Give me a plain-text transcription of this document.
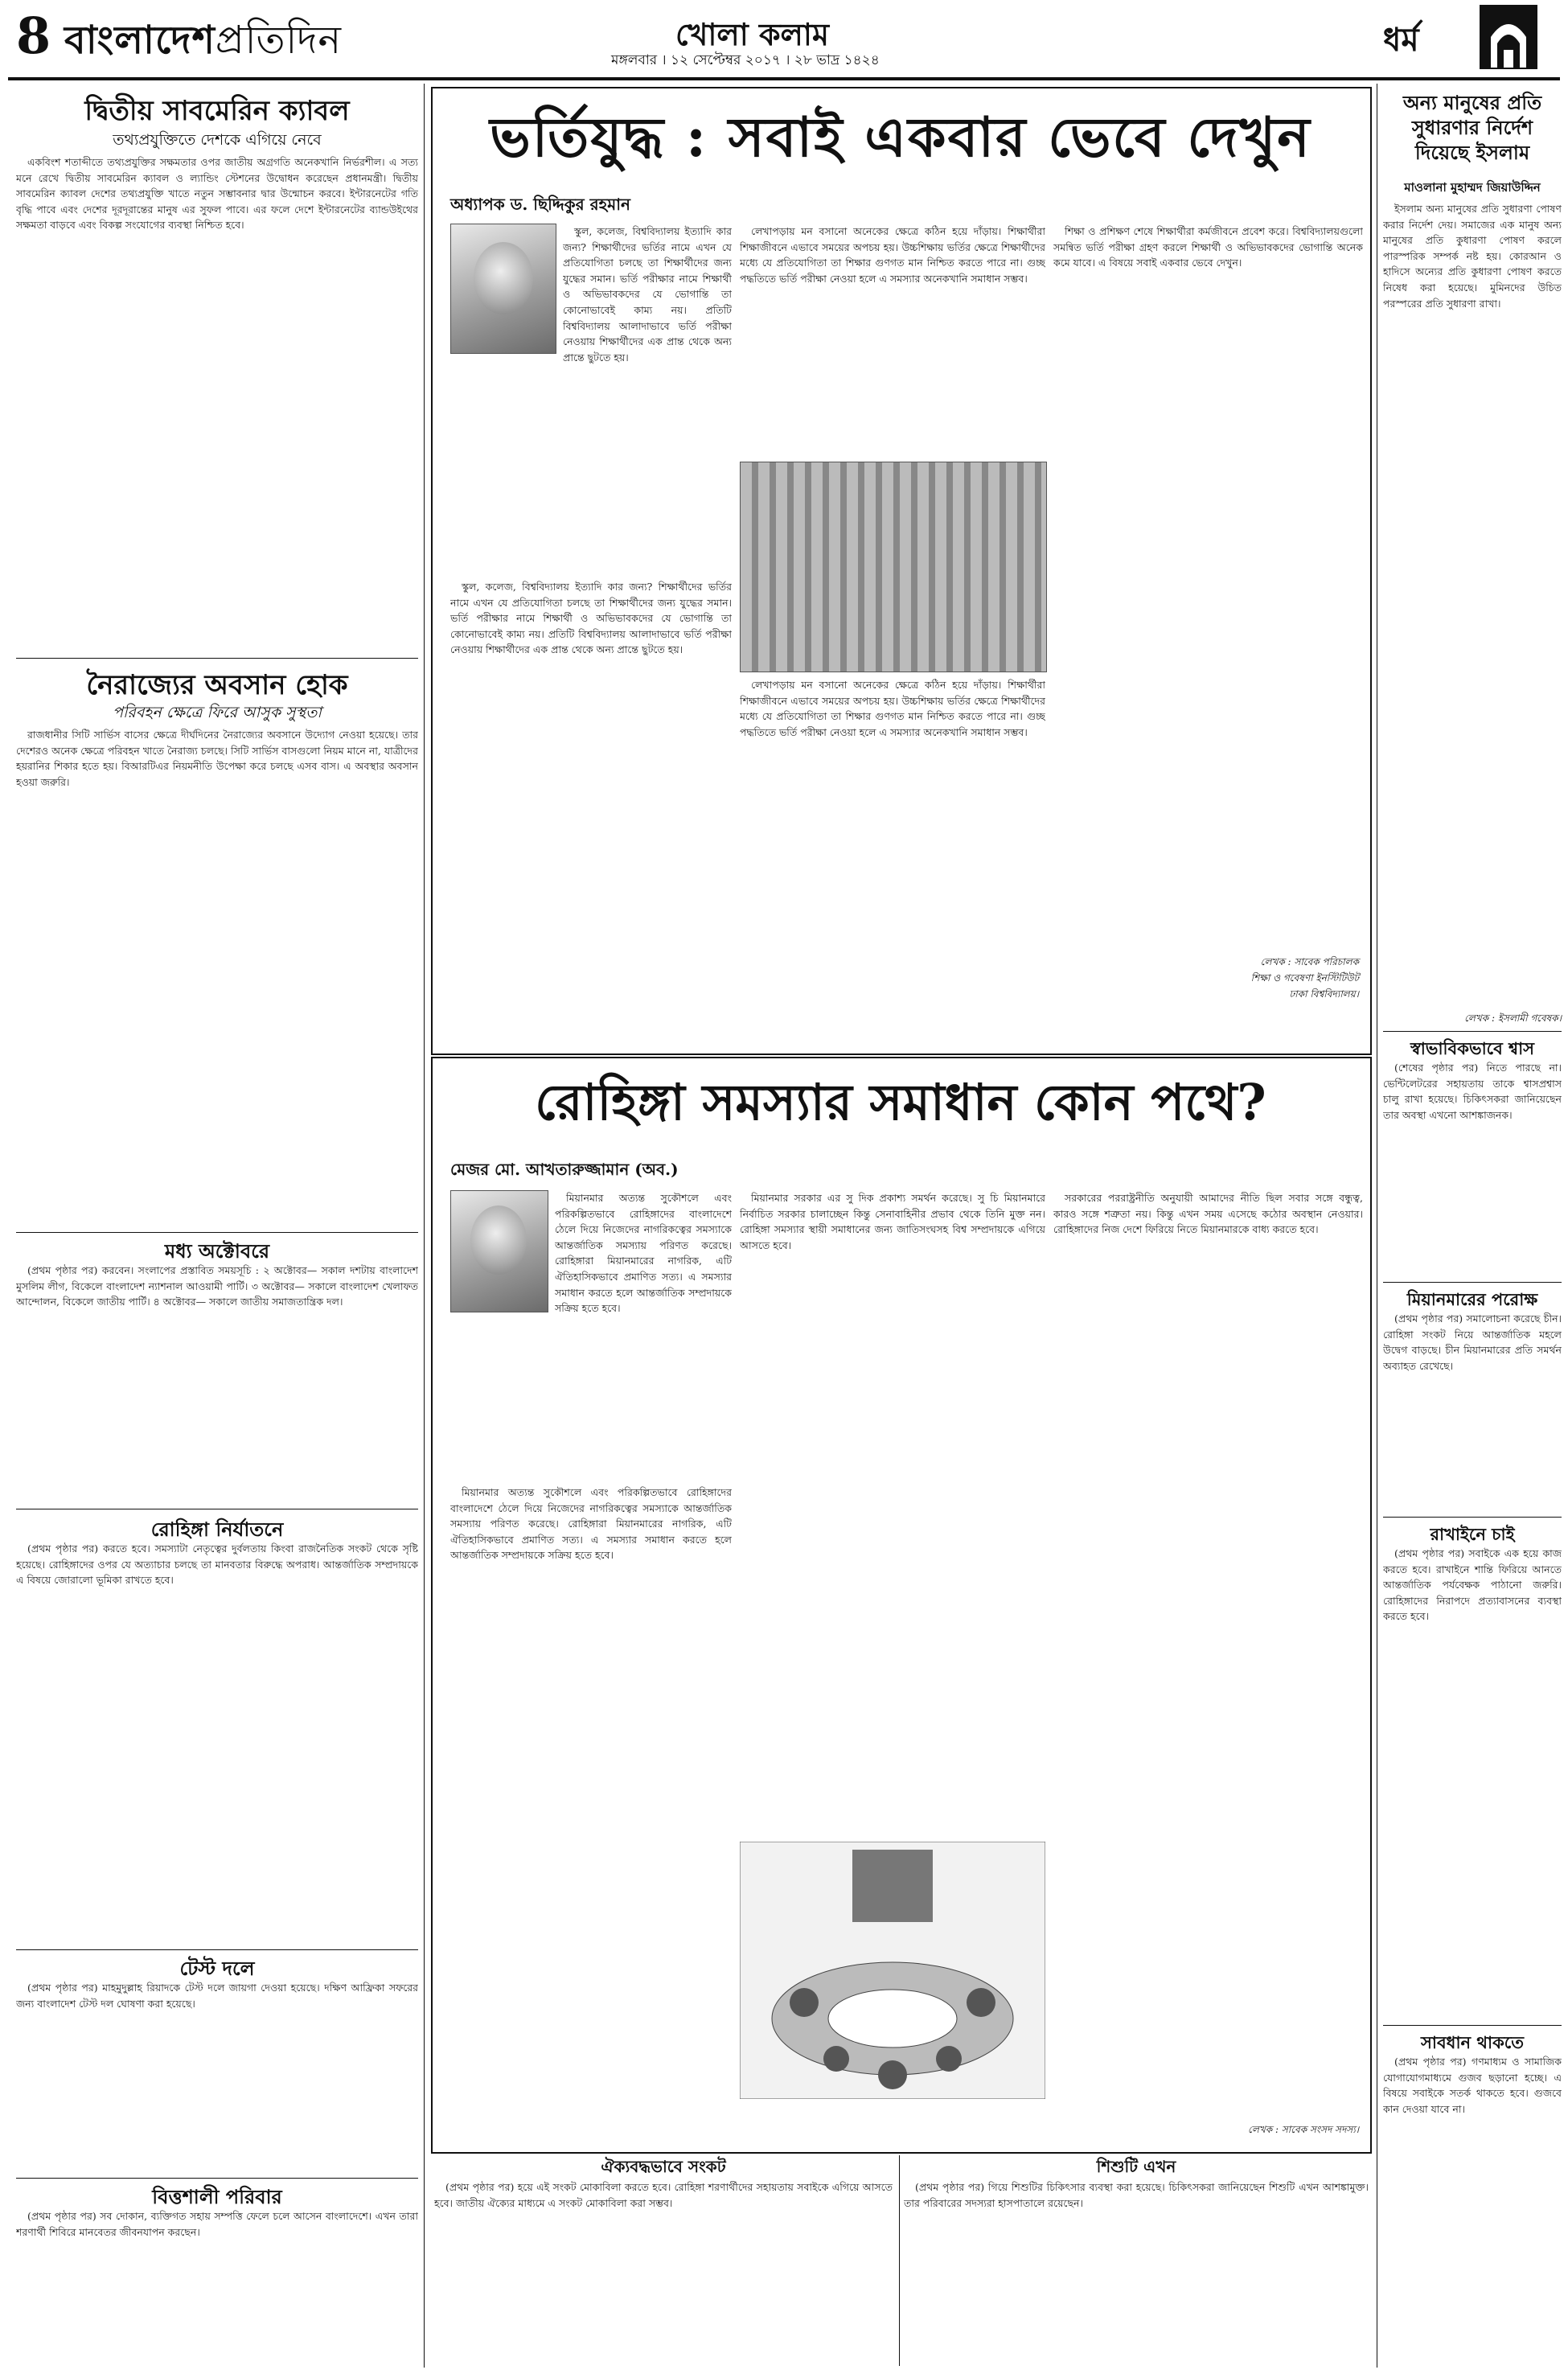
8 বাংলাদেশপ্রতিদিন	খোলা কলাম
মঙ্গলবার । ১২ সেপ্টেম্বর ২০১৭ । ২৮ ভাদ্র ১৪২৪
ধর্ম
দ্বিতীয় সাবমেরিন ক্যাবল
তথ্যপ্রযুক্তিতে দেশকে এগিয়ে নেবে

একবিংশ শতাব্দীতে তথ্যপ্রযুক্তির সক্ষমতার ওপর জাতীয় অগ্রগতি অনেকখানি নির্ভরশীল। এ সত্য মনে রেখে দ্বিতীয় সাবমেরিন ক্যাবল ও ল্যান্ডিং স্টেশনের উদ্বোধন করেছেন প্রধানমন্ত্রী। দ্বিতীয় সাবমেরিন ক্যাবল দেশের তথ্যপ্রযুক্তি খাতে নতুন সম্ভাবনার দ্বার উন্মোচন করবে। ইন্টারনেটের গতি বৃদ্ধি পাবে এবং দেশের দূরদূরান্তের মানুষ এর সুফল পাবে। এর ফলে দেশে ইন্টারনেটের ব্যান্ডউইথের সক্ষমতা বাড়বে এবং বিকল্প সংযোগের ব্যবস্থা নিশ্চিত হবে।

নৈরাজ্যের অবসান হোক
পরিবহন ক্ষেত্রে ফিরে আসুক সুস্থতা

রাজধানীর সিটি সার্ভিস বাসের ক্ষেত্রে দীর্ঘদিনের নৈরাজ্যের অবসানে উদ্যোগ নেওয়া হয়েছে। তার দেশেরও অনেক ক্ষেত্রে পরিবহন খাতে নৈরাজ্য চলছে। সিটি সার্ভিস বাসগুলো নিয়ম মানে না, যাত্রীদের হয়রানির শিকার হতে হয়। বিআরটিএর নিয়মনীতি উপেক্ষা করে চলছে এসব বাস। এ অবস্থার অবসান হওয়া জরুরি।

মধ্য অক্টোবরে

(প্রথম পৃষ্ঠার পর) করবেন। সংলাপের প্রস্তাবিত সময়সূচি : ২ অক্টোবর— সকাল দশটায় বাংলাদেশ মুসলিম লীগ, বিকেলে বাংলাদেশ ন্যাশনাল আওয়ামী পার্টি। ৩ অক্টোবর— সকালে বাংলাদেশ খেলাফত আন্দোলন, বিকেলে জাতীয় পার্টি। ৪ অক্টোবর— সকালে জাতীয় সমাজতান্ত্রিক দল।

রোহিঙ্গা নির্যাতনে

(প্রথম পৃষ্ঠার পর) করতে হবে। সমস্যাটা নেতৃত্বের দুর্বলতায় কিংবা রাজনৈতিক সংকট থেকে সৃষ্টি হয়েছে। রোহিঙ্গাদের ওপর যে অত্যাচার চলছে তা মানবতার বিরুদ্ধে অপরাধ। আন্তর্জাতিক সম্প্রদায়কে এ বিষয়ে জোরালো ভূমিকা রাখতে হবে।

টেস্ট দলে

(প্রথম পৃষ্ঠার পর) মাহমুদুল্লাহ রিয়াদকে টেস্ট দলে জায়গা দেওয়া হয়েছে। দক্ষিণ আফ্রিকা সফরের জন্য বাংলাদেশ টেস্ট দল ঘোষণা করা হয়েছে।

বিত্তশালী পরিবার

(প্রথম পৃষ্ঠার পর) সব দোকান, ব্যক্তিগত সহায় সম্পত্তি ফেলে চলে আসেন বাংলাদেশে। এখন তারা শরণার্থী শিবিরে মানবেতর জীবনযাপন করছেন।

ভর্তিযুদ্ধ : সবাই একবার ভেবে দেখুন
অধ্যাপক ড. ছিদ্দিকুর রহমান

স্কুল, কলেজ, বিশ্ববিদ্যালয় ইত্যাদি কার জন্য? শিক্ষার্থীদের ভর্তির নামে এখন যে প্রতিযোগিতা চলছে তা শিক্ষার্থীদের জন্য যুদ্ধের সমান। ভর্তি পরীক্ষার নামে শিক্ষার্থী ও অভিভাবকদের যে ভোগান্তি তা কোনোভাবেই কাম্য নয়। প্রতিটি বিশ্ববিদ্যালয় আলাদাভাবে ভর্তি পরীক্ষা নেওয়ায় শিক্ষার্থীদের এক প্রান্ত থেকে অন্য প্রান্তে ছুটতে হয়।

স্কুল, কলেজ, বিশ্ববিদ্যালয় ইত্যাদি কার জন্য? শিক্ষার্থীদের ভর্তির নামে এখন যে প্রতিযোগিতা চলছে তা শিক্ষার্থীদের জন্য যুদ্ধের সমান। ভর্তি পরীক্ষার নামে শিক্ষার্থী ও অভিভাবকদের যে ভোগান্তি তা কোনোভাবেই কাম্য নয়। প্রতিটি বিশ্ববিদ্যালয় আলাদাভাবে ভর্তি পরীক্ষা নেওয়ায় শিক্ষার্থীদের এক প্রান্ত থেকে অন্য প্রান্তে ছুটতে হয়।

লেখাপড়ায় মন বসানো অনেকের ক্ষেত্রে কঠিন হয়ে দাঁড়ায়। শিক্ষার্থীরা শিক্ষাজীবনে এভাবে সময়ের অপচয় হয়। উচ্চশিক্ষায় ভর্তির ক্ষেত্রে শিক্ষার্থীদের মধ্যে যে প্রতিযোগিতা তা শিক্ষার গুণগত মান নিশ্চিত করতে পারে না। গুচ্ছ পদ্ধতিতে ভর্তি পরীক্ষা নেওয়া হলে এ সমস্যার অনেকখানি সমাধান সম্ভব।

লেখাপড়ায় মন বসানো অনেকের ক্ষেত্রে কঠিন হয়ে দাঁড়ায়। শিক্ষার্থীরা শিক্ষাজীবনে এভাবে সময়ের অপচয় হয়। উচ্চশিক্ষায় ভর্তির ক্ষেত্রে শিক্ষার্থীদের মধ্যে যে প্রতিযোগিতা তা শিক্ষার গুণগত মান নিশ্চিত করতে পারে না। গুচ্ছ পদ্ধতিতে ভর্তি পরীক্ষা নেওয়া হলে এ সমস্যার অনেকখানি সমাধান সম্ভব।

শিক্ষা ও প্রশিক্ষণ শেষে শিক্ষার্থীরা কর্মজীবনে প্রবেশ করে। বিশ্ববিদ্যালয়গুলো সমন্বিত ভর্তি পরীক্ষা গ্রহণ করলে শিক্ষার্থী ও অভিভাবকদের ভোগান্তি অনেক কমে যাবে। এ বিষয়ে সবাই একবার ভেবে দেখুন।

লেখক : সাবেক পরিচালক
শিক্ষা ও গবেষণা ইনস্টিটিউট
ঢাকা বিশ্ববিদ্যালয়।
রোহিঙ্গা সমস্যার সমাধান কোন পথে?
মেজর মো. আখতারুজ্জামান (অব.)

মিয়ানমার অত্যন্ত সুকৌশলে এবং পরিকল্পিতভাবে রোহিঙ্গাদের বাংলাদেশে ঠেলে দিয়ে নিজেদের নাগরিকত্বের সমস্যাকে আন্তর্জাতিক সমস্যায় পরিণত করেছে। রোহিঙ্গারা মিয়ানমারের নাগরিক, এটি ঐতিহাসিকভাবে প্রমাণিত সত্য। এ সমস্যার সমাধান করতে হলে আন্তর্জাতিক সম্প্রদায়কে সক্রিয় হতে হবে।

মিয়ানমার অত্যন্ত সুকৌশলে এবং পরিকল্পিতভাবে রোহিঙ্গাদের বাংলাদেশে ঠেলে দিয়ে নিজেদের নাগরিকত্বের সমস্যাকে আন্তর্জাতিক সমস্যায় পরিণত করেছে। রোহিঙ্গারা মিয়ানমারের নাগরিক, এটি ঐতিহাসিকভাবে প্রমাণিত সত্য। এ সমস্যার সমাধান করতে হলে আন্তর্জাতিক সম্প্রদায়কে সক্রিয় হতে হবে।

মিয়ানমার সরকার এর সু দিক প্রকাশ্য সমর্থন করেছে। সু চি মিয়ানমারে নির্বাচিত সরকার চালাচ্ছেন কিন্তু সেনাবাহিনীর প্রভাব থেকে তিনি মুক্ত নন। রোহিঙ্গা সমস্যার স্থায়ী সমাধানের জন্য জাতিসংঘসহ বিশ্ব সম্প্রদায়কে এগিয়ে আসতে হবে।

সরকারের পররাষ্ট্রনীতি অনুযায়ী আমাদের নীতি ছিল সবার সঙ্গে বন্ধুত্ব, কারও সঙ্গে শত্রুতা নয়। কিন্তু এখন সময় এসেছে কঠোর অবস্থান নেওয়ার। রোহিঙ্গাদের নিজ দেশে ফিরিয়ে নিতে মিয়ানমারকে বাধ্য করতে হবে।

লেখক : সাবেক সংসদ সদস্য।
ঐক্যবদ্ধভাবে সংকট

(প্রথম পৃষ্ঠার পর) হয়ে এই সংকট মোকাবিলা করতে হবে। রোহিঙ্গা শরণার্থীদের সহায়তায় সবাইকে এগিয়ে আসতে হবে। জাতীয় ঐক্যের মাধ্যমে এ সংকট মোকাবিলা করা সম্ভব।

শিশুটি এখন

(প্রথম পৃষ্ঠার পর) গিয়ে শিশুটির চিকিৎসার ব্যবস্থা করা হয়েছে। চিকিৎসকরা জানিয়েছেন শিশুটি এখন আশঙ্কামুক্ত। তার পরিবারের সদস্যরা হাসপাতালে রয়েছেন।

অন্য মানুষের প্রতি সুধারণার নির্দেশ দিয়েছে ইসলাম
মাওলানা মুহাম্মদ জিয়াউদ্দিন

ইসলাম অন্য মানুষের প্রতি সুধারণা পোষণ করার নির্দেশ দেয়। সমাজের এক মানুষ অন্য মানুষের প্রতি কুধারণা পোষণ করলে পারস্পরিক সম্পর্ক নষ্ট হয়। কোরআন ও হাদিসে অন্যের প্রতি কুধারণা পোষণ করতে নিষেধ করা হয়েছে। মুমিনদের উচিত পরস্পরের প্রতি সুধারণা রাখা।

লেখক : ইসলামী গবেষক।
স্বাভাবিকভাবে শ্বাস

(শেষের পৃষ্ঠার পর) নিতে পারছে না। ভেন্টিলেটরের সহায়তায় তাকে শ্বাসপ্রশ্বাস চালু রাখা হয়েছে। চিকিৎসকরা জানিয়েছেন তার অবস্থা এখনো আশঙ্কাজনক।

মিয়ানমারের পরোক্ষ

(প্রথম পৃষ্ঠার পর) সমালোচনা করেছে চীন। রোহিঙ্গা সংকট নিয়ে আন্তর্জাতিক মহলে উদ্বেগ বাড়ছে। চীন মিয়ানমারের প্রতি সমর্থন অব্যাহত রেখেছে।

রাখাইনে চাই

(প্রথম পৃষ্ঠার পর) সবাইকে এক হয়ে কাজ করতে হবে। রাখাইনে শান্তি ফিরিয়ে আনতে আন্তর্জাতিক পর্যবেক্ষক পাঠানো জরুরি। রোহিঙ্গাদের নিরাপদে প্রত্যাবাসনের ব্যবস্থা করতে হবে।

সাবধান থাকতে

(প্রথম পৃষ্ঠার পর) গণমাধ্যম ও সামাজিক যোগাযোগমাধ্যমে গুজব ছড়ানো হচ্ছে। এ বিষয়ে সবাইকে সতর্ক থাকতে হবে। গুজবে কান দেওয়া যাবে না।
